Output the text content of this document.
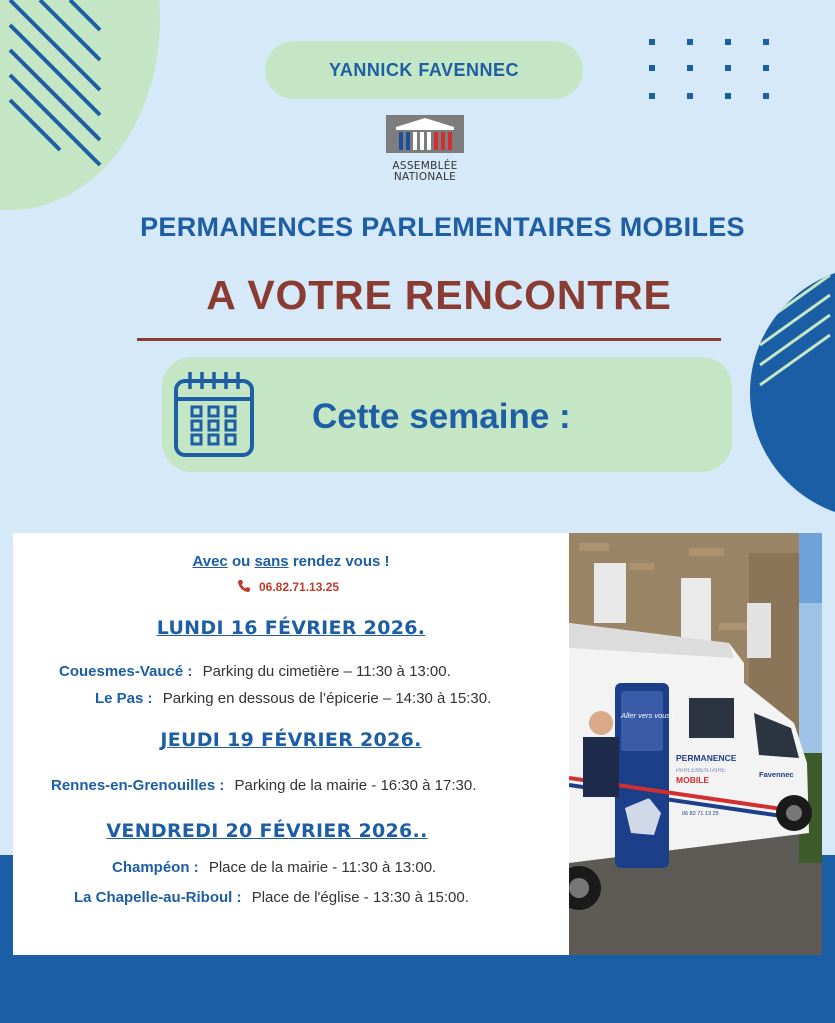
YANNICK FAVENNEC
ASSEMBLÉE
NATIONALE
PERMANENCES PARLEMENTAIRES MOBILES
A VOTRE RENCONTRE
Cette semaine :
Avec ou sans rendez vous !
06.82.71.13.25
LUNDI 16 FÉVRIER 2026.
Couesmes-Vaucé : Parking du cimetière – 11:30 à 13:00.
Le Pas : Parking en dessous de l’épicerie – 14:30 à 15:30.
JEUDI 19 FÉVRIER 2026.
Rennes-en-Grenouilles : Parking de la mairie - 16:30 à 17:30.
VENDREDI 20 FÉVRIER 2026..
Champéon : Place de la mairie - 11:30 à 13:00.
La Chapelle-au-Riboul : Place de l'église - 13:30 à 15:00.
PERMANENCE
PARLEMENTAIRE
MOBILE
Aller vers vous !
Favennec
06 82 71 13 25
